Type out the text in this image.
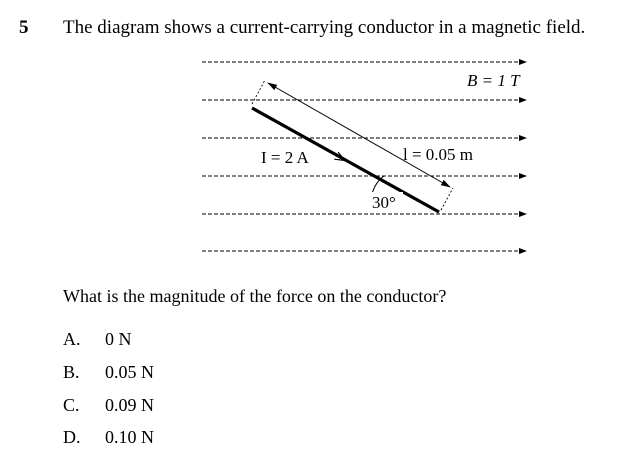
5 The diagram shows a current-carrying conductor in a magnetic field.
B = 1 T
I = 2 A	l = 0.05 m
30°
What is the magnitude of the force on the conductor?
A. 0 N
B. 0.05 N
C. 0.09 N
D. 0.10 N
